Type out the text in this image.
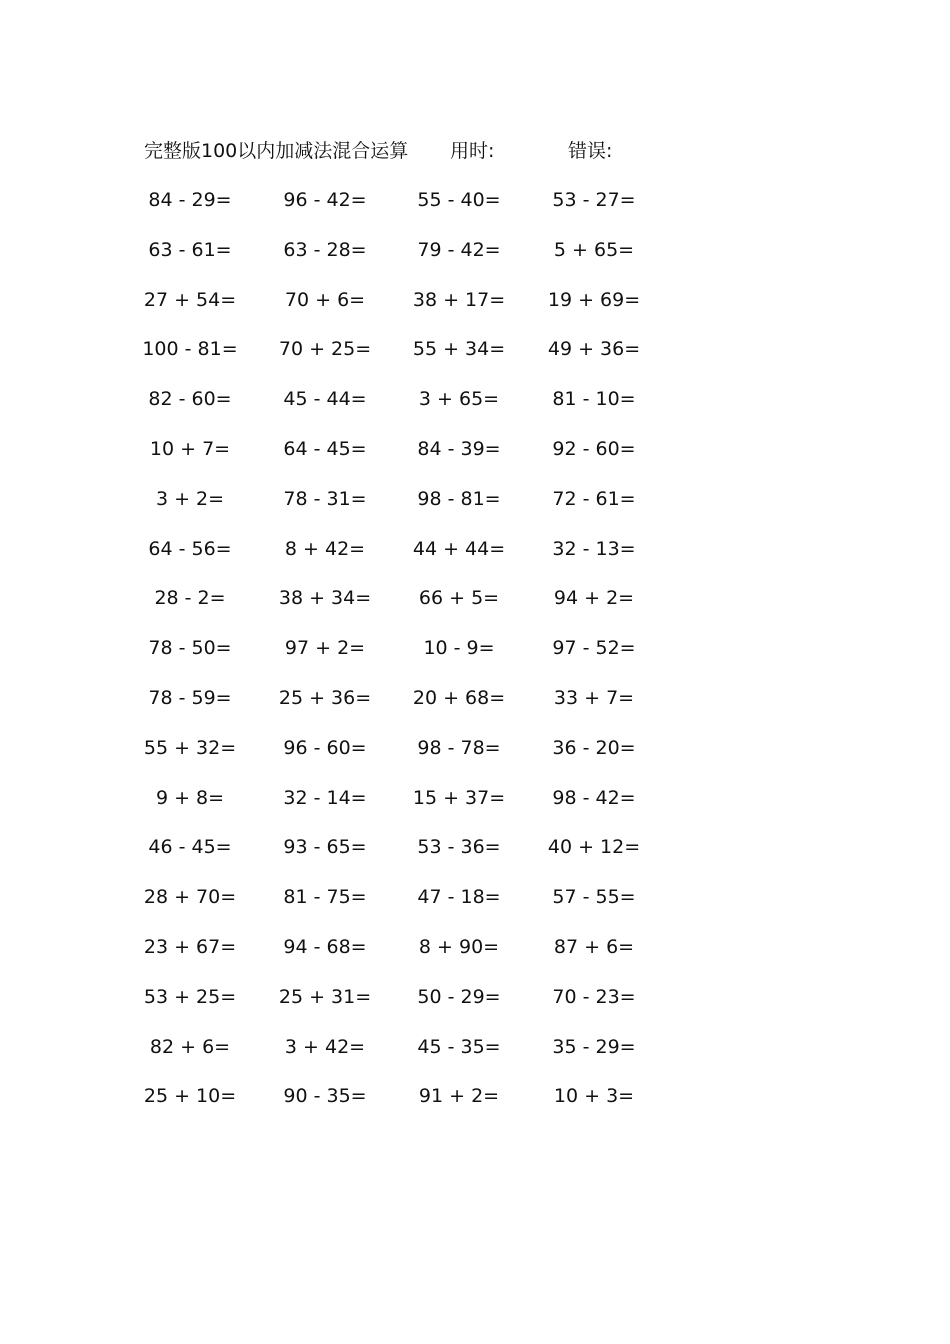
完整版100以内加减法混合运算 用时:	错误:
84 - 29=	96 - 42=	55 - 40=	53 - 27=
63 - 61=	63 - 28=	79 - 42=	5 + 65=
27 + 54=	70 + 6=	38 + 17=	19 + 69=
100 - 81=	70 + 25=	55 + 34=	49 + 36=
82 - 60=	45 - 44=	3 + 65=	81 - 10=
10 + 7=	64 - 45=	84 - 39=	92 - 60=
3 + 2=	78 - 31=	98 - 81=	72 - 61=
64 - 56=	8 + 42=	44 + 44=	32 - 13=
28 - 2=	38 + 34=	66 + 5=	94 + 2=
78 - 50=	97 + 2=	10 - 9=	97 - 52=
78 - 59=	25 + 36=	20 + 68=	33 + 7=
55 + 32=	96 - 60=	98 - 78=	36 - 20=
9 + 8=	32 - 14=	15 + 37=	98 - 42=
46 - 45=	93 - 65=	53 - 36=	40 + 12=
28 + 70=	81 - 75=	47 - 18=	57 - 55=
23 + 67=	94 - 68=	8 + 90=	87 + 6=
53 + 25=	25 + 31=	50 - 29=	70 - 23=
82 + 6=	3 + 42=	45 - 35=	35 - 29=
25 + 10=	90 - 35=	91 + 2=	10 + 3=
